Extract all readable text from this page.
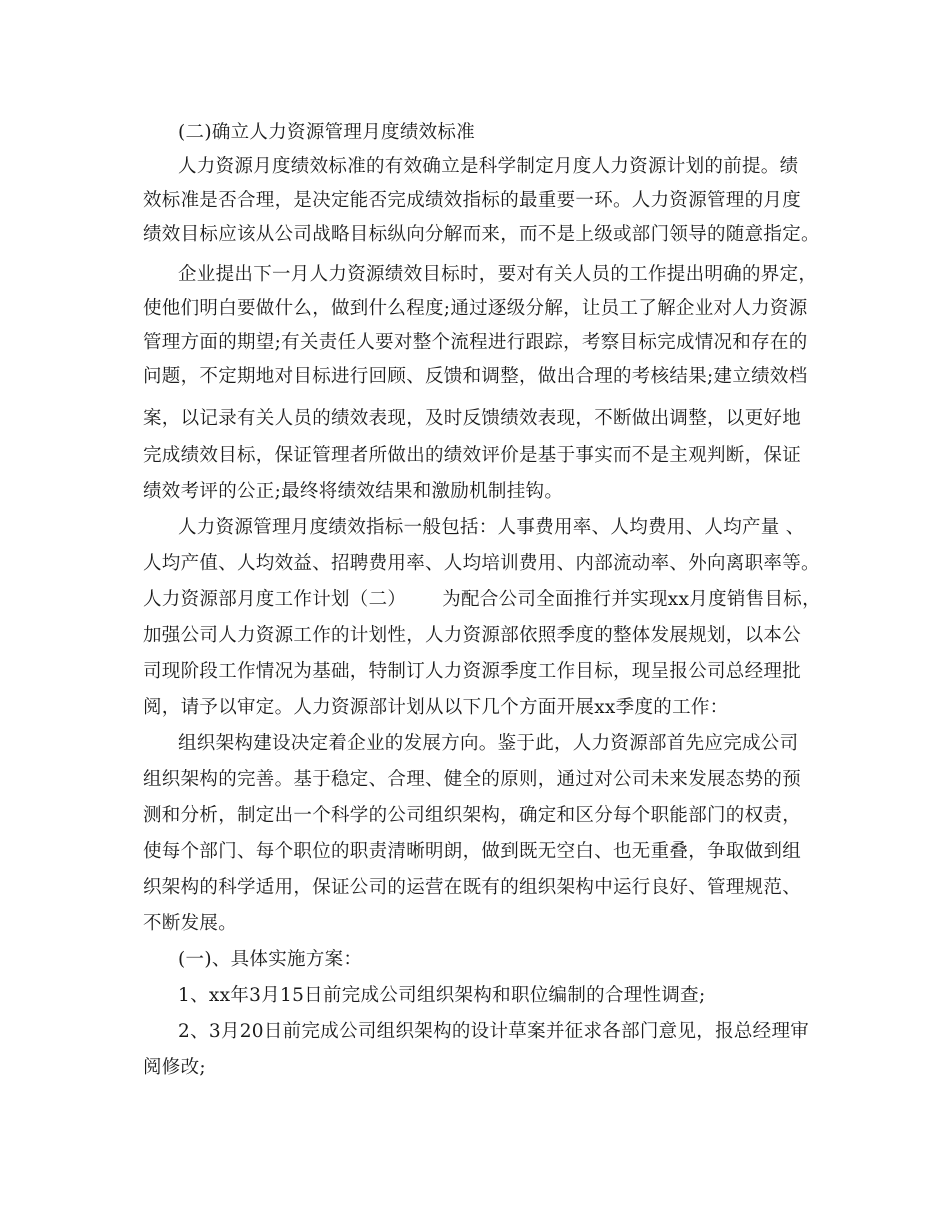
(二)确立人力资源管理月度绩效标准
人力资源月度绩效标准的有效确立是科学制定月度人力资源计划的前提。绩
效标准是否合理，是决定能否完成绩效指标的最重要一环。人力资源管理的月度
绩效目标应该从公司战略目标纵向分解而来，而不是上级或部门领导的随意指定。
企业提出下一月人力资源绩效目标时，要对有关人员的工作提出明确的界定，
使他们明白要做什么，做到什么程度;通过逐级分解，让员工了解企业对人力资源
管理方面的期望;有关责任人要对整个流程进行跟踪，考察目标完成情况和存在的
问题，不定期地对目标进行回顾、反馈和调整，做出合理的考核结果;建立绩效档
案，以记录有关人员的绩效表现，及时反馈绩效表现，不断做出调整，以更好地
完成绩效目标，保证管理者所做出的绩效评价是基于事实而不是主观判断，保证
绩效考评的公正;最终将绩效结果和激励机制挂钩。
人力资源管理月度绩效指标一般包括：人事费用率、人均费用、人均产量 、
人均产值、人均效益、招聘费用率、人均培训费用、内部流动率、外向离职率等。
人力资源部月度工作计划（二） 为配合公司全面推行并实现xx月度销售目标，
加强公司人力资源工作的计划性，人力资源部依照季度的整体发展规划，以本公
司现阶段工作情况为基础，特制订人力资源季度工作目标，现呈报公司总经理批
阅，请予以审定。人力资源部计划从以下几个方面开展xx季度的工作：
组织架构建设决定着企业的发展方向。鉴于此，人力资源部首先应完成公司
组织架构的完善。基于稳定、合理、健全的原则，通过对公司未来发展态势的预
测和分析，制定出一个科学的公司组织架构，确定和区分每个职能部门的权责，
使每个部门、每个职位的职责清晰明朗，做到既无空白、也无重叠，争取做到组
织架构的科学适用，保证公司的运营在既有的组织架构中运行良好、管理规范、
不断发展。
(一)、具体实施方案：
1、xx年3月15日前完成公司组织架构和职位编制的合理性调查;
2、3月20日前完成公司组织架构的设计草案并征求各部门意见，报总经理审
阅修改;
